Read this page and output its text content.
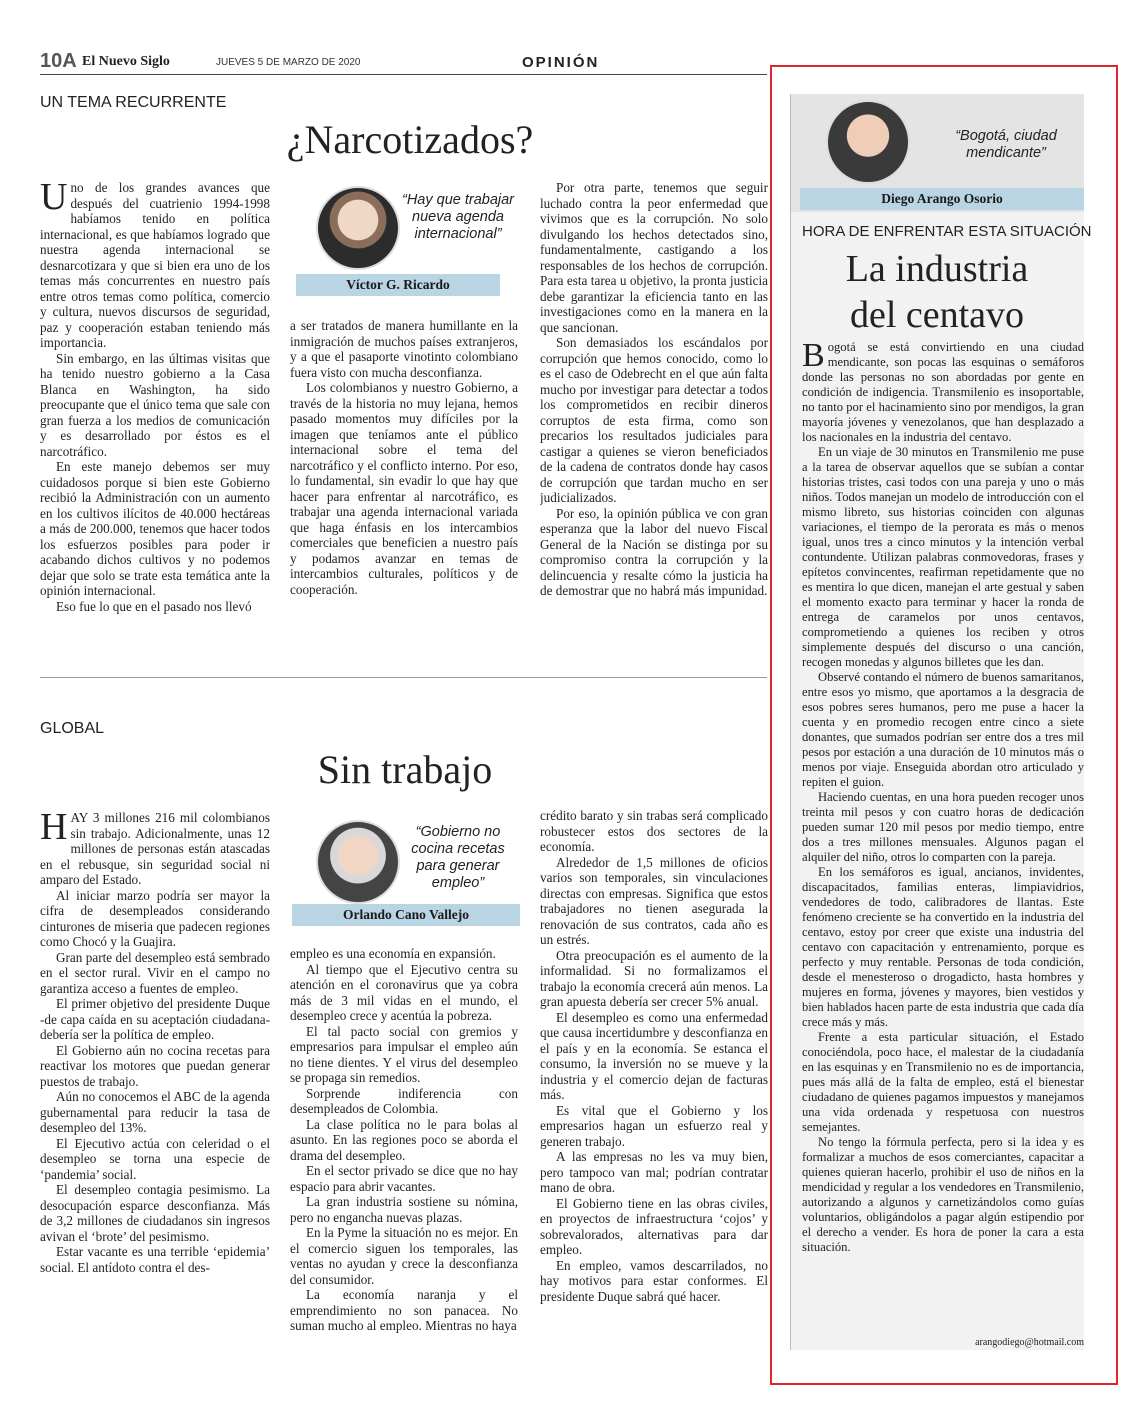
10A El Nuevo Siglo	JUEVES 5 DE MARZO DE 2020	OPINIÓN
UN TEMA RECURRENTE
¿Narcotizados?

Uno de los grandes avances que después del cuatrienio 1994-1998 habíamos tenido en política internacional, es que habíamos logrado que nuestra agenda internacional se desnarcotizara y que si bien era uno de los temas más concurrentes en nuestro país entre otros temas como política, comercio y cultura, nuevos discursos de seguridad, paz y cooperación estaban teniendo más importancia.

Sin embargo, en las últimas visitas que ha tenido nuestro gobierno a la Casa Blanca en Washington, ha sido preocupante que el único tema que sale con gran fuerza a los medios de comunicación y es desarrollado por éstos es el narcotráfico.

En este manejo debemos ser muy cuidadosos porque si bien este Gobierno recibió la Administración con un aumento en los cultivos ilícitos de 40.000 hectáreas a más de 200.000, tenemos que hacer todos los esfuerzos posibles para poder ir acabando dichos cultivos y no podemos dejar que solo se trate esta temática ante la opinión internacional.

Eso fue lo que en el pasado nos llevó

“Hay que trabajar nueva agenda internacional”
Víctor G. Ricardo

a ser tratados de manera humillante en la inmigración de muchos países extranjeros, y a que el pasaporte vinotinto colombiano fuera visto con mucha desconfianza.

Los colombianos y nuestro Gobierno, a través de la historia no muy lejana, hemos pasado momentos muy difíciles por la imagen que teníamos ante el público internacional sobre el tema del narcotráfico y el conflicto interno. Por eso, lo fundamental, sin evadir lo que hay que hacer para enfrentar al narcotráfico, es trabajar una agenda internacional variada que haga énfasis en los intercambios comerciales que beneficien a nuestro país y podamos avanzar en temas de intercambios culturales, políticos y de cooperación.

Por otra parte, tenemos que seguir luchado contra la peor enfermedad que vivimos que es la corrupción. No solo divulgando los hechos detectados sino, fundamentalmente, castigando a los responsables de los hechos de corrupción. Para esta tarea u objetivo, la pronta justicia debe garantizar la eficiencia tanto en las investigaciones como en la manera en la que sancionan.

Son demasiados los escándalos por corrupción que hemos conocido, como lo es el caso de Odebrecht en el que aún falta mucho por investigar para detectar a todos los comprometidos en recibir dineros corruptos de esta firma, como son precarios los resultados judiciales para castigar a quienes se vieron beneficiados de la cadena de contratos donde hay casos de corrupción que tardan mucho en ser judicializados.

Por eso, la opinión pública ve con gran esperanza que la labor del nuevo Fiscal General de la Nación se distinga por su compromiso contra la corrupción y la delincuencia y resalte cómo la justicia ha de demostrar que no habrá más impunidad.

GLOBAL
Sin trabajo

HAY 3 millones 216 mil colombianos sin trabajo. Adicionalmente, unas 12 millones de personas están atascadas en el rebusque, sin seguridad social ni amparo del Estado.

Al iniciar marzo podría ser mayor la cifra de desempleados considerando cinturones de miseria que padecen regiones como Chocó y la Guajira.

Gran parte del desempleo está sembrado en el sector rural. Vivir en el campo no garantiza acceso a fuentes de empleo.

El primer objetivo del presidente Duque -de capa caída en su aceptación ciudadana- debería ser la política de empleo.

El Gobierno aún no cocina recetas para reactivar los motores que puedan generar puestos de trabajo.

Aún no conocemos el ABC de la agenda gubernamental para reducir la tasa de desempleo del 13%.

El Ejecutivo actúa con celeridad o el desempleo se torna una especie de ‘pandemia’ social.

El desempleo contagia pesimismo. La desocupación esparce desconfianza. Más de 3,2 millones de ciudadanos sin ingresos avivan el ‘brote’ del pesimismo.

Estar vacante es una terrible ‘epidemia’ social. El antídoto contra el des-

“Gobierno no cocina recetas para generar empleo”
Orlando Cano Vallejo

empleo es una economía en expansión.

Al tiempo que el Ejecutivo centra su atención en el coronavirus que ya cobra más de 3 mil vidas en el mundo, el desempleo crece y acentúa la pobreza.

El tal pacto social con gremios y empresarios para impulsar el empleo aún no tiene dientes. Y el virus del desempleo se propaga sin remedios.

Sorprende indiferencia con desempleados de Colombia.

La clase política no le para bolas al asunto. En las regiones poco se aborda el drama del desempleo.

En el sector privado se dice que no hay espacio para abrir vacantes.

La gran industria sostiene su nómina, pero no engancha nuevas plazas.

En la Pyme la situación no es mejor. En el comercio siguen los temporales, las ventas no ayudan y crece la desconfianza del consumidor.

La economía naranja y el emprendimiento no son panacea. No suman mucho al empleo. Mientras no haya

crédito barato y sin trabas será complicado robustecer estos dos sectores de la economía.

Alrededor de 1,5 millones de oficios varios son temporales, sin vinculaciones directas con empresas. Significa que estos trabajadores no tienen asegurada la renovación de sus contratos, cada año es un estrés.

Otra preocupación es el aumento de la informalidad. Si no formalizamos el trabajo la economía crecerá aún menos. La gran apuesta debería ser crecer 5% anual.

El desempleo es como una enfermedad que causa incertidumbre y desconfianza en el país y en la economía. Se estanca el consumo, la inversión no se mueve y la industria y el comercio dejan de facturas más.

Es vital que el Gobierno y los empresarios hagan un esfuerzo real y generen trabajo.

A las empresas no les va muy bien, pero tampoco van mal; podrían contratar mano de obra.

El Gobierno tiene en las obras civiles, en proyectos de infraestructura ‘cojos’ y sobrevalorados, alternativas para dar empleo.

En empleo, vamos descarrilados, no hay motivos para estar conformes. El presidente Duque sabrá qué hacer.

“Bogotá, ciudad mendicante”
Diego Arango Osorio
HORA DE ENFRENTAR ESTA SITUACIÓN
La industria
del centavo

Bogotá se está convirtiendo en una ciudad mendicante, son pocas las esquinas o semáforos donde las personas no son abordadas por gente en condición de indigencia. Transmilenio es insoportable, no tanto por el hacinamiento sino por mendigos, la gran mayoría jóvenes y venezolanos, que han desplazado a los nacionales en la industria del centavo.

En un viaje de 30 minutos en Transmilenio me puse a la tarea de observar aquellos que se subían a contar historias tristes, casi todos con una pareja y uno o más niños. Todos manejan un modelo de introducción con el mismo libreto, sus historias coinciden con algunas variaciones, el tiempo de la perorata es más o menos igual, unos tres a cinco minutos y la intención verbal contundente. Utilizan palabras conmovedoras, frases y epítetos convincentes, reafirman repetidamente que no es mentira lo que dicen, manejan el arte gestual y saben el momento exacto para terminar y hacer la ronda de entrega de caramelos por unos centavos, comprometiendo a quienes los reciben y otros simplemente después del discurso o una canción, recogen monedas y algunos billetes que les dan.

Observé contando el número de buenos samaritanos, entre esos yo mismo, que aportamos a la desgracia de esos pobres seres humanos, pero me puse a hacer la cuenta y en promedio recogen entre cinco a siete donantes, que sumados podrían ser entre dos a tres mil pesos por estación a una duración de 10 minutos más o menos por viaje. Enseguida abordan otro articulado y repiten el guion.

Haciendo cuentas, en una hora pueden recoger unos treinta mil pesos y con cuatro horas de dedicación pueden sumar 120 mil pesos por medio tiempo, entre dos a tres millones mensuales. Algunos pagan el alquiler del niño, otros lo comparten con la pareja.

En los semáforos es igual, ancianos, invidentes, discapacitados, familias enteras, limpiavidrios, vendedores de todo, calibradores de llantas. Este fenómeno creciente se ha convertido en la industria del centavo, estoy por creer que existe una industria del centavo con capacitación y entrenamiento, porque es perfecto y muy rentable. Personas de toda condición, desde el menesteroso o drogadicto, hasta hombres y mujeres en forma, jóvenes y mayores, bien vestidos y bien hablados hacen parte de esta industria que cada día crece más y más.

Frente a esta particular situación, el Estado conociéndola, poco hace, el malestar de la ciudadanía en las esquinas y en Transmilenio no es de importancia, pues más allá de la falta de empleo, está el bienestar ciudadano de quienes pagamos impuestos y manejamos una vida ordenada y respetuosa con nuestros semejantes.

No tengo la fórmula perfecta, pero si la idea y es formalizar a muchos de esos comerciantes, capacitar a quienes quieran hacerlo, prohibir el uso de niños en la mendicidad y regular a los vendedores en Transmilenio, autorizando a algunos y carnetizándolos como guías voluntarios, obligándolos a pagar algún estipendio por el derecho a vender. Es hora de poner la cara a esta situación.

arangodiego@hotmail.com
